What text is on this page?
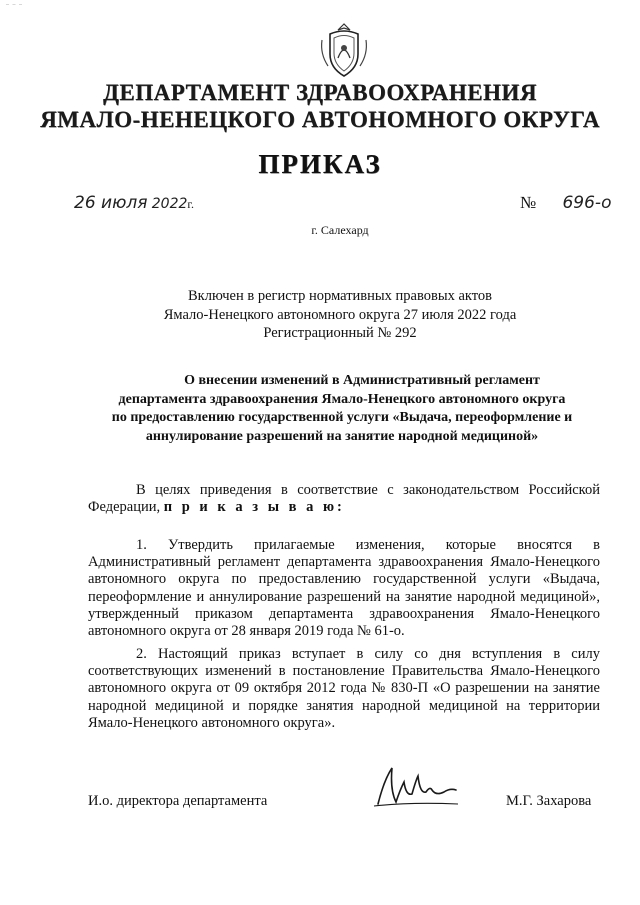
– – –
ДЕПАРТАМЕНТ ЗДРАВООХРАНЕНИЯ
ЯМАЛО-НЕНЕЦКОГО АВТОНОМНОГО ОКРУГА
ПРИКАЗ
26 июля 2022г.	№ 696-о
г. Салехард
Включен в регистр нормативных правовых актов
Ямало-Ненецкого автономного округа 27 июля 2022 года
Регистрационный № 292
О внесении изменений в Административный регламент
департамента здравоохранения Ямало-Ненецкого автономного округа
по предоставлению государственной услуги «Выдача, переоформление и
аннулирование разрешений на занятие народной медициной»
В целях приведения в соответствие с законодательством Российской Федерации, п р и к а з ы в а ю:
1. Утвердить прилагаемые изменения, которые вносятся в Административный регламент департамента здравоохранения Ямало-Ненецкого автономного округа по предоставлению государственной услуги «Выдача, переоформление и аннулирование разрешений на занятие народной медициной», утвержденный приказом департамента здравоохранения Ямало-Ненецкого автономного округа от 28 января 2019 года № 61-о.
2. Настоящий приказ вступает в силу со дня вступления в силу соответствующих изменений в постановление Правительства Ямало-Ненецкого автономного округа от 09 октября 2012 года № 830-П «О разрешении на занятие народной медициной и порядке занятия народной медициной на территории Ямало-Ненецкого автономного округа».
И.о. директора департамента	М.Г. Захарова
